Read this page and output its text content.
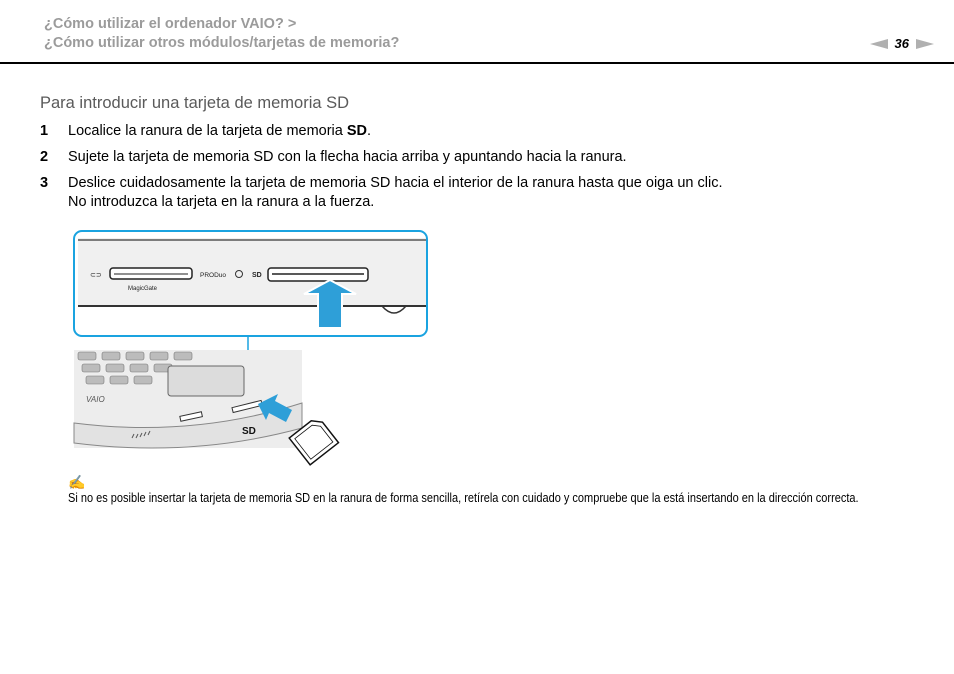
¿Cómo utilizar el ordenador VAIO? >

¿Cómo utilizar otros módulos/tarjetas de memoria?	36
Para introducir una tarjeta de memoria SD
1	Localice la ranura de la tarjeta de memoria SD.
2	Sujete la tarjeta de memoria SD con la flecha hacia arriba y apuntando hacia la ranura.
3	Deslice cuidadosamente la tarjeta de memoria SD hacia el interior de la ranura hasta que oiga un clic.
No introduzca la tarjeta en la ranura a la fuerza.
⊂⊃
MagicGate
PRODuo	SD
VAIO
SD
✍

Si no es posible insertar la tarjeta de memoria SD en la ranura de forma sencilla, retírela con cuidado y compruebe que la está insertando en la dirección correcta.
